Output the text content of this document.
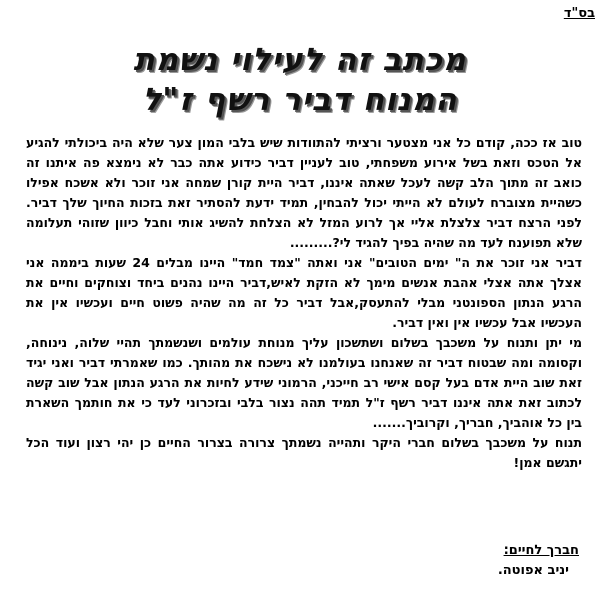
בס"ד
מכתב זה לעילוי נשמת
המנוח דביר רשף ז"ל

טוב אז ככה, קודם כל אני מצטער ורציתי להתוודות שיש בלבי המון צער שלא היה ביכולתי להגיע אל הטכס וזאת בשל אירוע משפחתי, טוב לעניין דביר כידוע אתה כבר לא נימצא פה איתנו זה כואב זה מתוך הלב קשה לעכל שאתה איננו, דביר היית קורן שמחה אני זוכר ולא אשכח אפילו כשהיית מצוברח לעולם לא הייתי יכול להבחין, תמיד ידעת להסתיר זאת בזכות החיוך שלך דביר. לפני הרצח דביר צלצלת אליי אך לרוע המזל לא הצלחת להשיג אותי וחבל כיוון שזוהי תעלומה שלא תפוענח לעד מה שהיה בפיך להגיד לי?.........

דביר אני זוכר את ה" ימים הטובים" אני ואתה "צמד חמד" היינו מבלים 24 שעות ביממה אני אצלך אתה אצלי אהבת אנשים מימך לא הזקת לאיש,דביר היינו נהנים ביחד וצוחקים וחיים את הרגע הנתון הספונטני מבלי להתעסק,אבל דביר כל זה מה שהיה פשוט חיים ועכשיו אין את העכשיו אבל עכשיו אין ואין דביר.

מי יתן ותנוח על משכבך בשלום ושתשכון עליך מנוחת עולמים ושנשמתך תהיי שלוה, נינוחה, וקסומה ומה שבטוח דביר זה שאנחנו בעולמנו לא נישכח את מהותך. כמו שאמרתי דביר ואני יגיד זאת שוב היית אדם בעל קסם אישי רב חייכני, הרמוני שידע לחיות את הרגע הנתון אבל שוב קשה לכתוב זאת אתה איננו דביר רשף ז"ל תמיד תהה נצור בלבי ובזכרוני לעד כי את חותמך השארת בין כל אוהביך, חבריך, וקרוביך.......

תנוח על משכבך בשלום חברי היקר ותהייה נשמתך צרורה בצרור החיים כן יהי רצון ועוד הכל יתגשם אמן!

חברך לחיים:
יניב אפוטה.
